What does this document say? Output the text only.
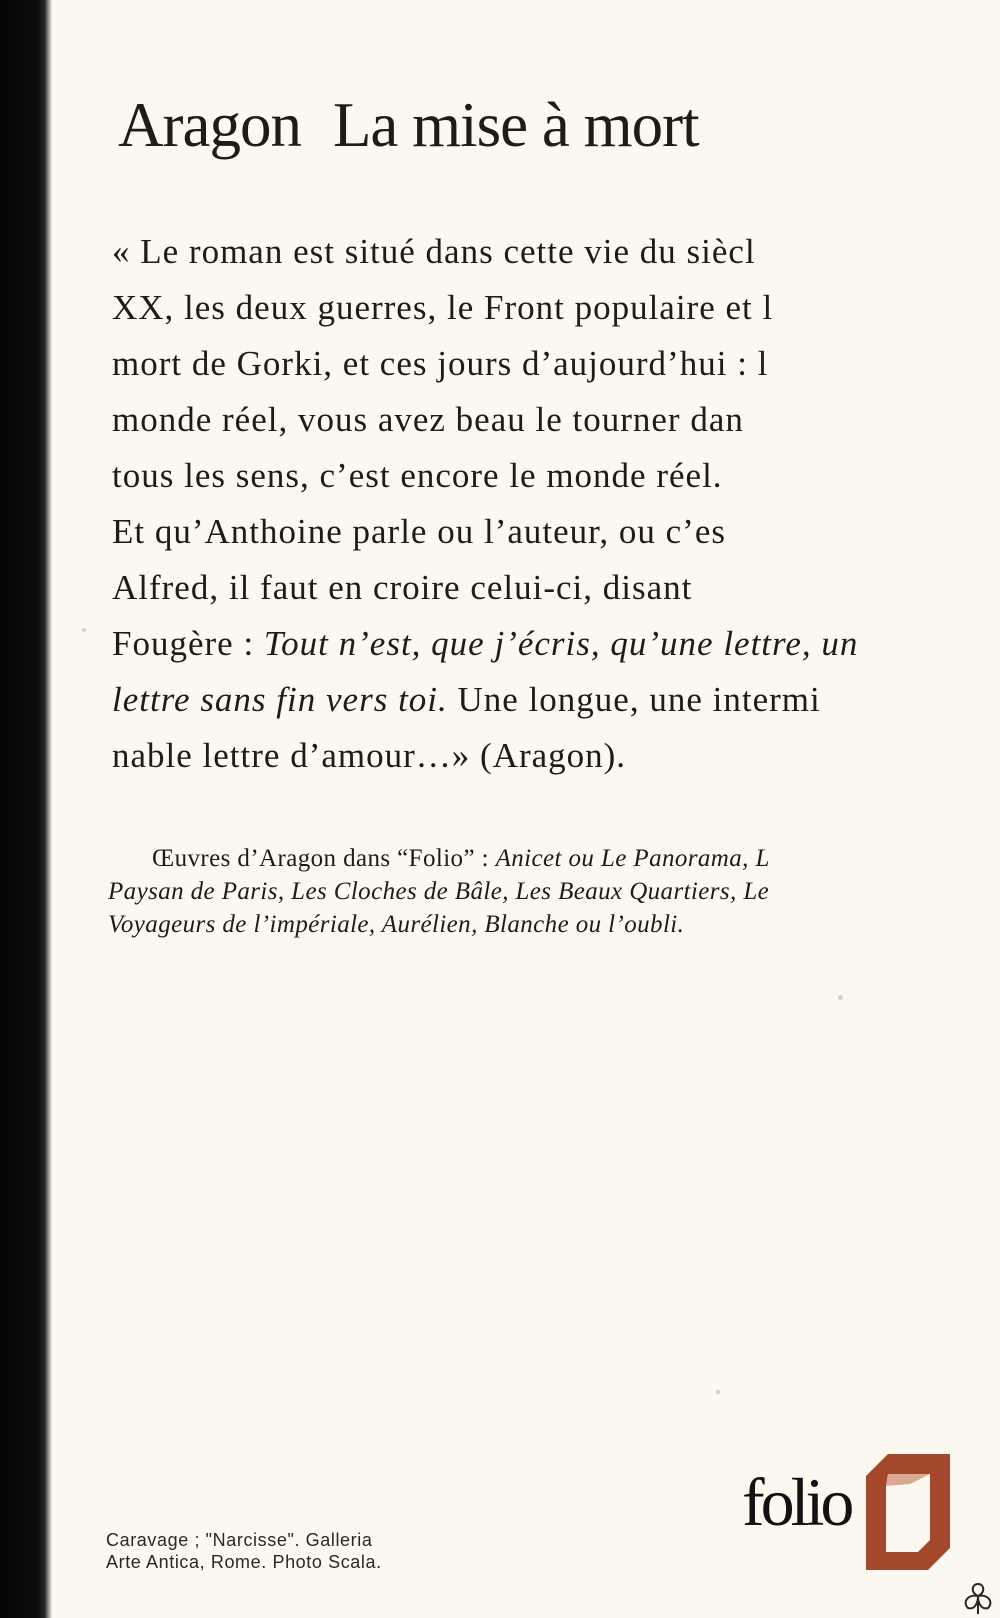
Aragon La mise à mort
« Le roman est situé dans cette vie du siècl
XX, les deux guerres, le Front populaire et l
mort de Gorki, et ces jours d’aujourd’hui : l
monde réel, vous avez beau le tourner dan
tous les sens, c’est encore le monde réel.
Et qu’Anthoine parle ou l’auteur, ou c’es
Alfred, il faut en croire celui-ci, disant
Fougère : Tout n’est, que j’écris, qu’une lettre, un
lettre sans fin vers toi. Une longue, une intermi
nable lettre d’amour…» (Aragon).
Œuvres d’Aragon dans “Folio” : Anicet ou Le Panorama, L
Paysan de Paris, Les Cloches de Bâle, Les Beaux Quartiers, Le
Voyageurs de l’impériale, Aurélien, Blanche ou l’oubli.
Caravage ; "Narcisse". Galleria
Arte Antica, Rome. Photo Scala.
folio
